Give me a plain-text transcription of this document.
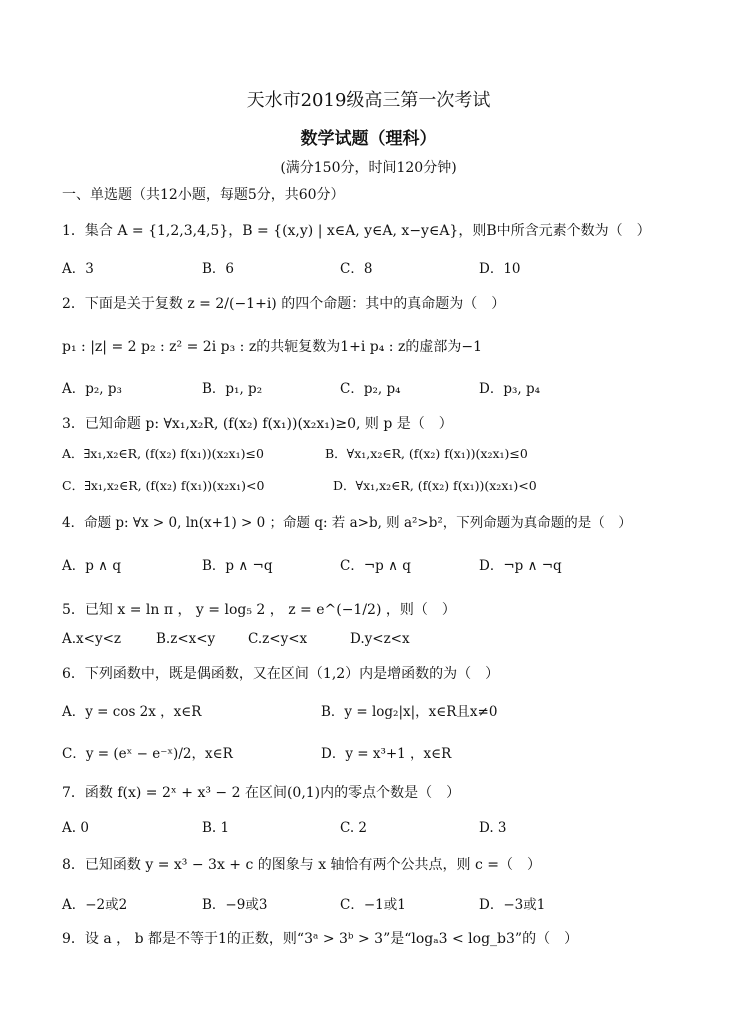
天水市2019级高三第一次考试
数学试题（理科）
(满分150分，时间120分钟)
一、单选题（共12小题，每题5分，共60分）
1．集合 A = {1,2,3,4,5}，B = {(x,y) | x∈A, y∈A, x−y∈A}，则B中所含元素个数为（　）
A．3	B．6	C．8	D．10
2．下面是关于复数 z = 2/(−1+i) 的四个命题：其中的真命题为（　）
p₁ : |z| = 2 p₂ : z² = 2i p₃ : z的共轭复数为1+i p₄ : z的虚部为−1
A．p₂, p₃	B．p₁, p₂	C．p₂, p₄	D．p₃, p₄
3．已知命题 p: ∀x₁,x₂R, (f(x₂) f(x₁))(x₂x₁)≥0, 则 p 是（　）
A．∃x₁,x₂∈R, (f(x₂) f(x₁))(x₂x₁)≤0	B．∀x₁,x₂∈R, (f(x₂) f(x₁))(x₂x₁)≤0
C．∃x₁,x₂∈R, (f(x₂) f(x₁))(x₂x₁)<0	D．∀x₁,x₂∈R, (f(x₂) f(x₁))(x₂x₁)<0
4．命题 p: ∀x > 0, ln(x+1) > 0 ；命题 q: 若 a>b, 则 a²>b²，下列命题为真命题的是（　）
A．p ∧ q	B．p ∧ ¬q	C．¬p ∧ q	D．¬p ∧ ¬q
5．已知 x = ln π ， y = log₅ 2 ， z = e^(−1/2) ，则（　）
A.x<y<z	B.z<x<y C.z<y<x	D.y<z<x
6．下列函数中，既是偶函数，又在区间（1,2）内是增函数的为（　）
A．y = cos 2x ，x∈R	B．y = log₂|x|，x∈R且x≠0
C．y = (eˣ − e⁻ˣ)/2，x∈R	D．y = x³+1 ，x∈R
7．函数 f(x) = 2ˣ + x³ − 2 在区间(0,1)内的零点个数是（　）
A. 0	B. 1	C. 2	D. 3
8．已知函数 y = x³ − 3x + c 的图象与 x 轴恰有两个公共点，则 c =（　）
A．−2或2	B．−9或3	C．−1或1	D．−3或1
9．设 a ， b 都是不等于1的正数，则“3ᵃ > 3ᵇ > 3”是“logₐ3 < log_b3”的（　）
